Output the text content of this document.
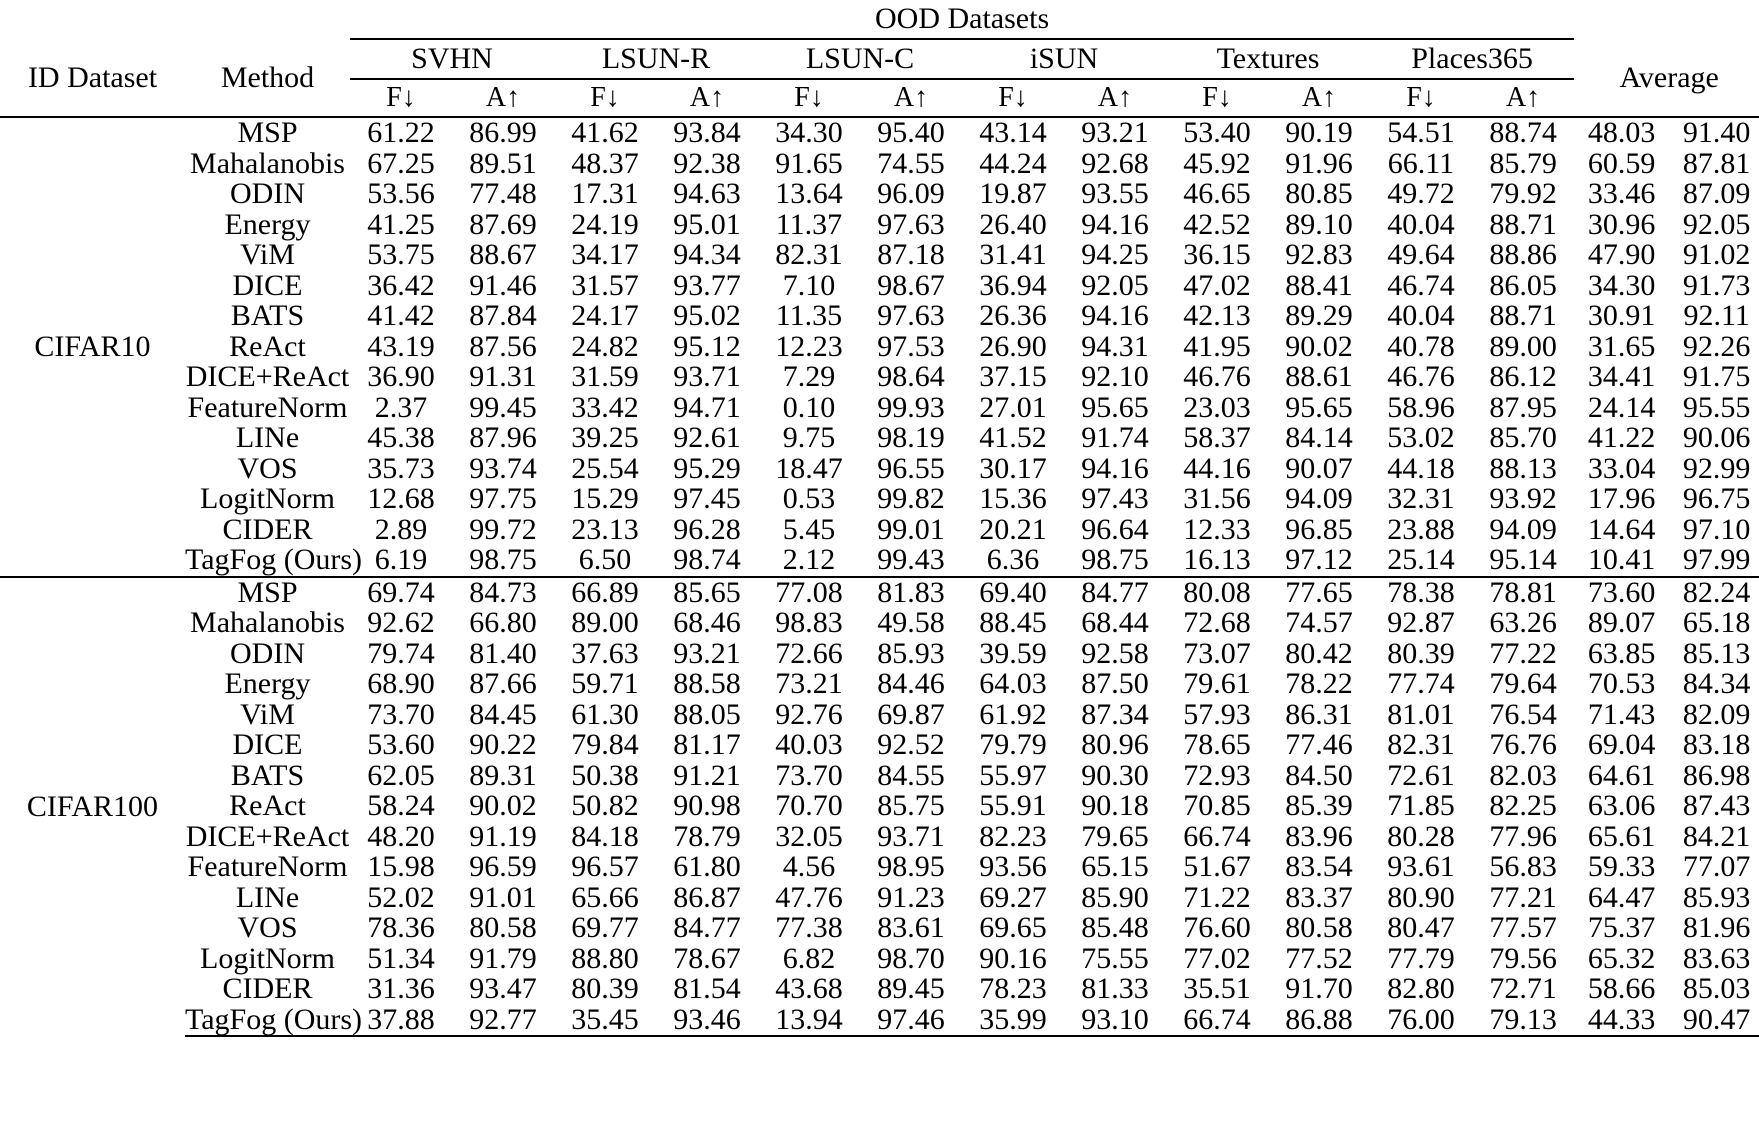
		OOD Datasets													
ID Dataset	Method	SVHN		LSUN-R		LSUN-C		iSUN		Textures		Places365		Average	
		F↓	A↑	F↓	A↑	F↓	A↑	F↓	A↑	F↓	A↑	F↓	A↑		
CIFAR10	MSP	61.22	86.99	41.62	93.84	34.30	95.40	43.14	93.21	53.40	90.19	54.51	88.74	48.03	91.40
	Mahalanobis	67.25	89.51	48.37	92.38	91.65	74.55	44.24	92.68	45.92	91.96	66.11	85.79	60.59	87.81
	ODIN	53.56	77.48	17.31	94.63	13.64	96.09	19.87	93.55	46.65	80.85	49.72	79.92	33.46	87.09
	Energy	41.25	87.69	24.19	95.01	11.37	97.63	26.40	94.16	42.52	89.10	40.04	88.71	30.96	92.05
	ViM	53.75	88.67	34.17	94.34	82.31	87.18	31.41	94.25	36.15	92.83	49.64	88.86	47.90	91.02
	DICE	36.42	91.46	31.57	93.77	7.10	98.67	36.94	92.05	47.02	88.41	46.74	86.05	34.30	91.73
	BATS	41.42	87.84	24.17	95.02	11.35	97.63	26.36	94.16	42.13	89.29	40.04	88.71	30.91	92.11
	ReAct	43.19	87.56	24.82	95.12	12.23	97.53	26.90	94.31	41.95	90.02	40.78	89.00	31.65	92.26
	DICE+ReAct	36.90	91.31	31.59	93.71	7.29	98.64	37.15	92.10	46.76	88.61	46.76	86.12	34.41	91.75
	FeatureNorm	2.37	99.45	33.42	94.71	0.10	99.93	27.01	95.65	23.03	95.65	58.96	87.95	24.14	95.55
	LINe	45.38	87.96	39.25	92.61	9.75	98.19	41.52	91.74	58.37	84.14	53.02	85.70	41.22	90.06
	VOS	35.73	93.74	25.54	95.29	18.47	96.55	30.17	94.16	44.16	90.07	44.18	88.13	33.04	92.99
	LogitNorm	12.68	97.75	15.29	97.45	0.53	99.82	15.36	97.43	31.56	94.09	32.31	93.92	17.96	96.75
	CIDER	2.89	99.72	23.13	96.28	5.45	99.01	20.21	96.64	12.33	96.85	23.88	94.09	14.64	97.10
	TagFog (Ours)	6.19	98.75	6.50	98.74	2.12	99.43	6.36	98.75	16.13	97.12	25.14	95.14	10.41	97.99
CIFAR100	MSP	69.74	84.73	66.89	85.65	77.08	81.83	69.40	84.77	80.08	77.65	78.38	78.81	73.60	82.24
	Mahalanobis	92.62	66.80	89.00	68.46	98.83	49.58	88.45	68.44	72.68	74.57	92.87	63.26	89.07	65.18
	ODIN	79.74	81.40	37.63	93.21	72.66	85.93	39.59	92.58	73.07	80.42	80.39	77.22	63.85	85.13
	Energy	68.90	87.66	59.71	88.58	73.21	84.46	64.03	87.50	79.61	78.22	77.74	79.64	70.53	84.34
	ViM	73.70	84.45	61.30	88.05	92.76	69.87	61.92	87.34	57.93	86.31	81.01	76.54	71.43	82.09
	DICE	53.60	90.22	79.84	81.17	40.03	92.52	79.79	80.96	78.65	77.46	82.31	76.76	69.04	83.18
	BATS	62.05	89.31	50.38	91.21	73.70	84.55	55.97	90.30	72.93	84.50	72.61	82.03	64.61	86.98
	ReAct	58.24	90.02	50.82	90.98	70.70	85.75	55.91	90.18	70.85	85.39	71.85	82.25	63.06	87.43
	DICE+ReAct	48.20	91.19	84.18	78.79	32.05	93.71	82.23	79.65	66.74	83.96	80.28	77.96	65.61	84.21
	FeatureNorm	15.98	96.59	96.57	61.80	4.56	98.95	93.56	65.15	51.67	83.54	93.61	56.83	59.33	77.07
	LINe	52.02	91.01	65.66	86.87	47.76	91.23	69.27	85.90	71.22	83.37	80.90	77.21	64.47	85.93
	VOS	78.36	80.58	69.77	84.77	77.38	83.61	69.65	85.48	76.60	80.58	80.47	77.57	75.37	81.96
	LogitNorm	51.34	91.79	88.80	78.67	6.82	98.70	90.16	75.55	77.02	77.52	77.79	79.56	65.32	83.63
	CIDER	31.36	93.47	80.39	81.54	43.68	89.45	78.23	81.33	35.51	91.70	82.80	72.71	58.66	85.03
	TagFog (Ours)	37.88	92.77	35.45	93.46	13.94	97.46	35.99	93.10	66.74	86.88	76.00	79.13	44.33	90.47
